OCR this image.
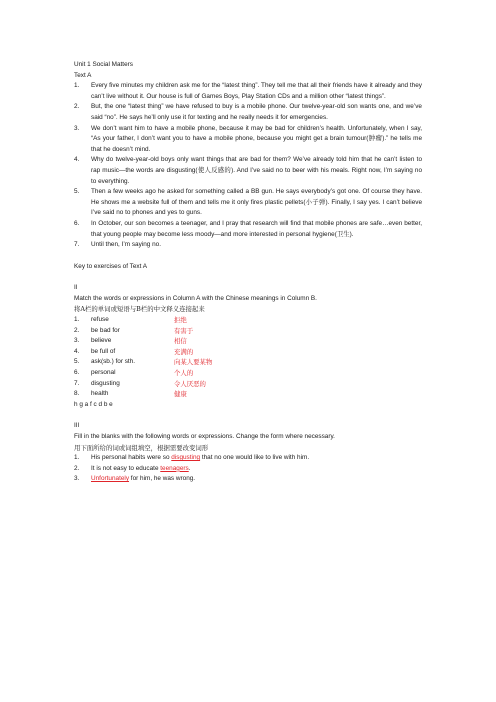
Unit 1 Social Matters

Text A

1. Every five minutes my children ask me for the “latest thing”. They tell me that all their friends have it already and they can’t live without it. Our house is full of Games Boys, Play Station CDs and a million other “latest things”.
2. But, the one “latest thing” we have refused to buy is a mobile phone. Our twelve-year-old son wants one, and we’ve said “no”. He says he’ll only use it for texting and he really needs it for emergencies.
3. We don’t want him to have a mobile phone, because it may be bad for children’s health. Unfortunately, when I say, “As your father, I don’t want you to have a mobile phone, because you might get a brain tumour(肿瘤).” he tells me that he doesn’t mind.
4. Why do twelve-year-old boys only want things that are bad for them? We’ve already told him that he can’t listen to rap music—the words are disgusting(使人反感的). And I’ve said no to beer with his meals. Right now, I’m saying no to everything.
5. Then a few weeks ago he asked for something called a BB gun. He says everybody’s got one. Of course they have. He shows me a website full of them and tells me it only fires plastic pellets(小子弹). Finally, I say yes. I can’t believe I’ve said no to phones and yes to guns.
6. In October, our son becomes a teenager, and I pray that research will find that mobile phones are safe…even better, that young people may become less moody—and more interested in personal hygiene(卫生).
7. Until then, I’m saying no.

Key to exercises of Text A

II

Match the words or expressions in Column A with the Chinese meanings in Column B.

将A栏的单词或短语与B栏的中文释义连接起来

1. refuse	拒绝
2. be bad for	有害于
3. believe	相信
4. be full of	充满的
5. ask(sb.) for sth.	向某人要某物
6. personal	个人的
7. disgusting	令人厌恶的
8. health	健康

h g a f c d b e

III

Fill in the blanks with the following words or expressions. Change the form where necessary.

用下面所给的词或词组填空，根据需要改变词形

1. His personal habits were so disgusting that no one would like to live with him.
2. It is not easy to educate teenagers.
3. Unfortunately for him, he was wrong.
